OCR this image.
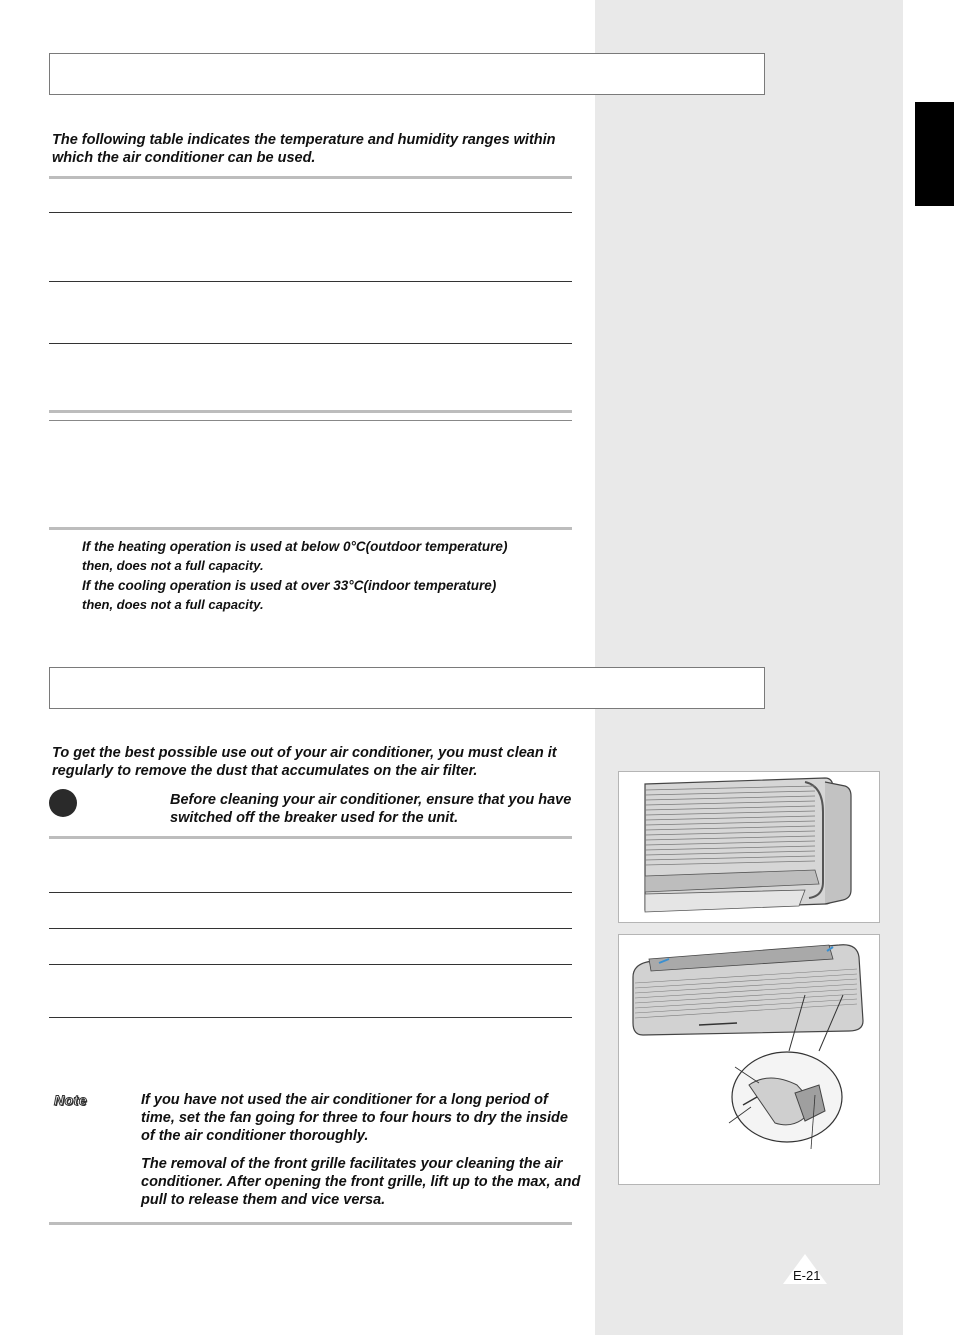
The following table indicates the temperature and humidity ranges within which the air conditioner can be used.

If the heating operation is used at below 0°C(outdoor temperature)
then, does not a full capacity.
If the cooling operation is used at over 33°C(indoor temperature)
then, does not a full capacity.

To get the best possible use out of your air conditioner, you must clean it regularly to remove the dust that accumulates on the air filter.

Before cleaning your air conditioner, ensure that you have switched off the breaker used for the unit.

Note	If you have not used the air conditioner for a long period of time, set the fan going for three to four hours to dry the inside of the air conditioner thoroughly.

The removal of the front grille facilitates your cleaning the air conditioner. After opening the front grille, lift up to the max, and pull to release them and vice versa.

E-21
